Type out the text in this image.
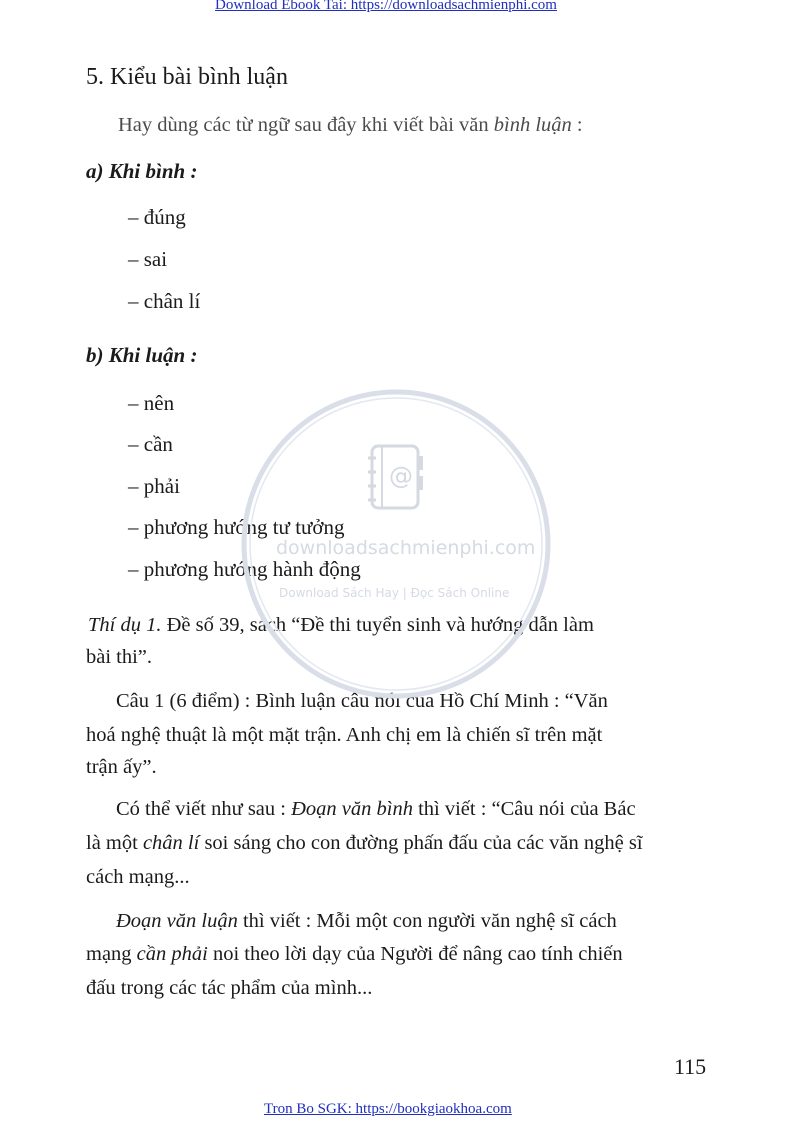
Download Ebook Tai: https://downloadsachmienphi.com
5. Kiểu bài bình luận
Hay dùng các từ ngữ sau đây khi viết bài văn bình luận :
a) Khi bình :
– đúng
– sai
– chân lí
b) Khi luận :
– nên
– cần
– phải
– phương hướng tư tưởng
– phương hướng hành động
Thí dụ 1. Đề số 39, sách “Đề thi tuyển sinh và hướng dẫn làm
bài thi”.
Câu 1 (6 điểm) : Bình luận câu nói của Hồ Chí Minh : “Văn
hoá nghệ thuật là một mặt trận. Anh chị em là chiến sĩ trên mặt
trận ấy”.
Có thể viết như sau : Đoạn văn bình thì viết : “Câu nói của Bác
là một chân lí soi sáng cho con đường phấn đấu của các văn nghệ sĩ
cách mạng...
Đoạn văn luận thì viết : Mỗi một con người văn nghệ sĩ cách
mạng cần phải noi theo lời dạy của Người để nâng cao tính chiến
đấu trong các tác phẩm của mình...
115
Tron Bo SGK: https://bookgiaokhoa.com
@
downloadsachmienphi.com
Download Sách Hay | Đọc Sách Online
